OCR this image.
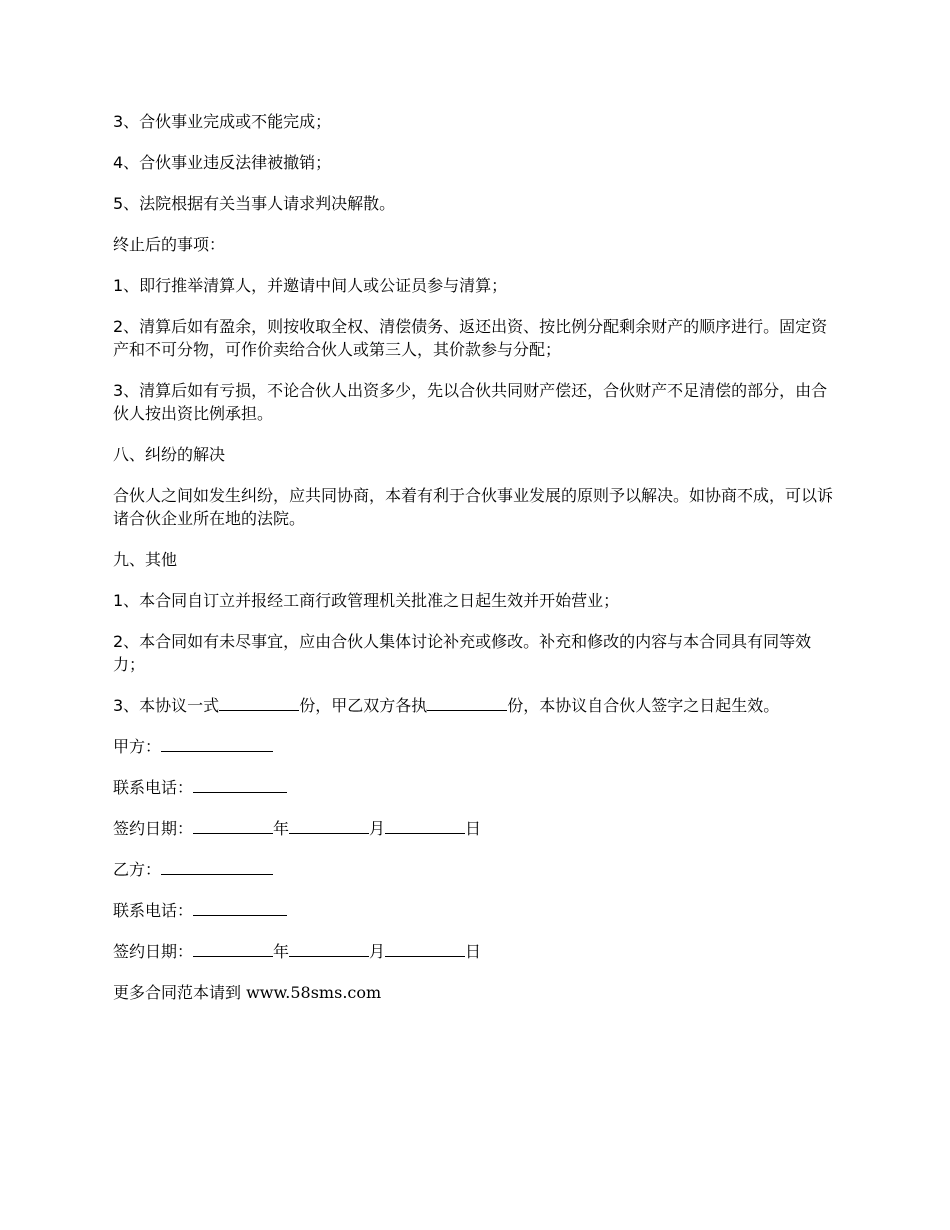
3、合伙事业完成或不能完成；

4、合伙事业违反法律被撤销；

5、法院根据有关当事人请求判决解散。

终止后的事项：

1、即行推举清算人，并邀请中间人或公证员参与清算；

2、清算后如有盈余，则按收取全权、清偿债务、返还出资、按比例分配剩余财产的顺序进行。固定资产和不可分物，可作价卖给合伙人或第三人，其价款参与分配；

3、清算后如有亏损，不论合伙人出资多少，先以合伙共同财产偿还，合伙财产不足清偿的部分，由合伙人按出资比例承担。

八、纠纷的解决

合伙人之间如发生纠纷，应共同协商，本着有利于合伙事业发展的原则予以解决。如协商不成，可以诉诸合伙企业所在地的法院。

九、其他

1、本合同自订立并报经工商行政管理机关批准之日起生效并开始营业；

2、本合同如有未尽事宜，应由合伙人集体讨论补充或修改。补充和修改的内容与本合同具有同等效力；

3、本协议一式	份，甲乙双方各执	份，本协议自合伙人签字之日起生效。

甲方：

联系电话：

签约日期：	年	月	日

乙方：

联系电话：

签约日期：	年	月	日

更多合同范本请到 www.58sms.com
